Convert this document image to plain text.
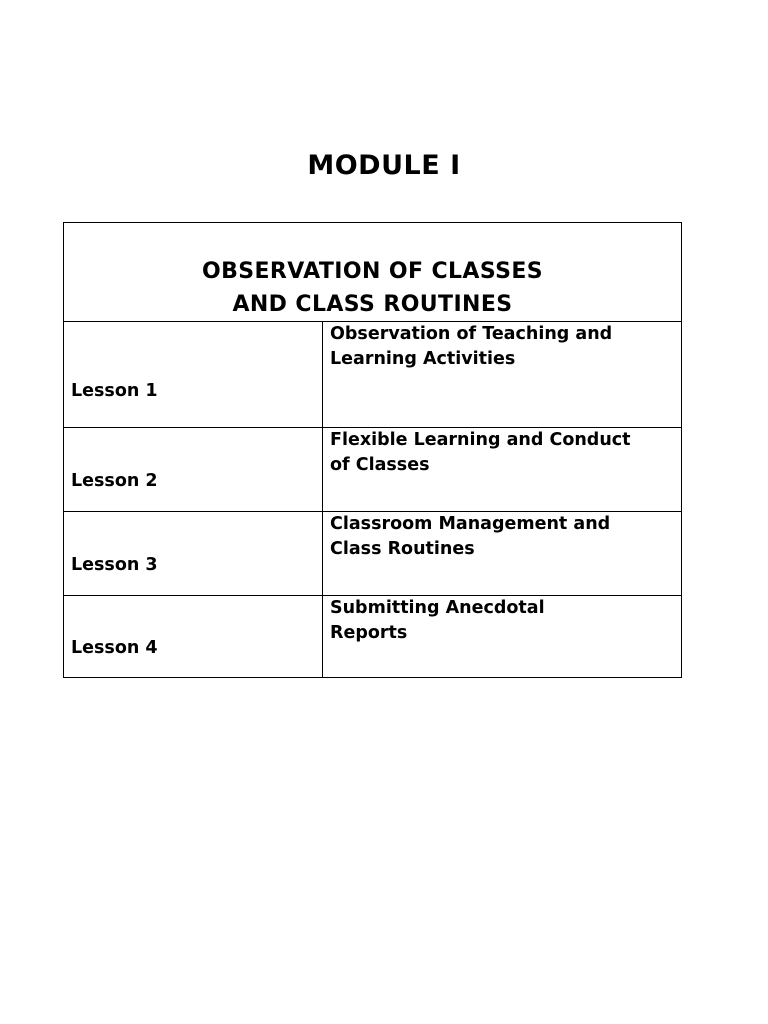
MODULE I
OBSERVATION OF CLASSES
AND CLASS ROUTINES	

Lesson 1	Observation of Teaching and
Learning Activities

Lesson 2	Flexible Learning and Conduct
of Classes

Lesson 3	Classroom Management and
Class Routines

Lesson 4	Submitting Anecdotal
Reports
